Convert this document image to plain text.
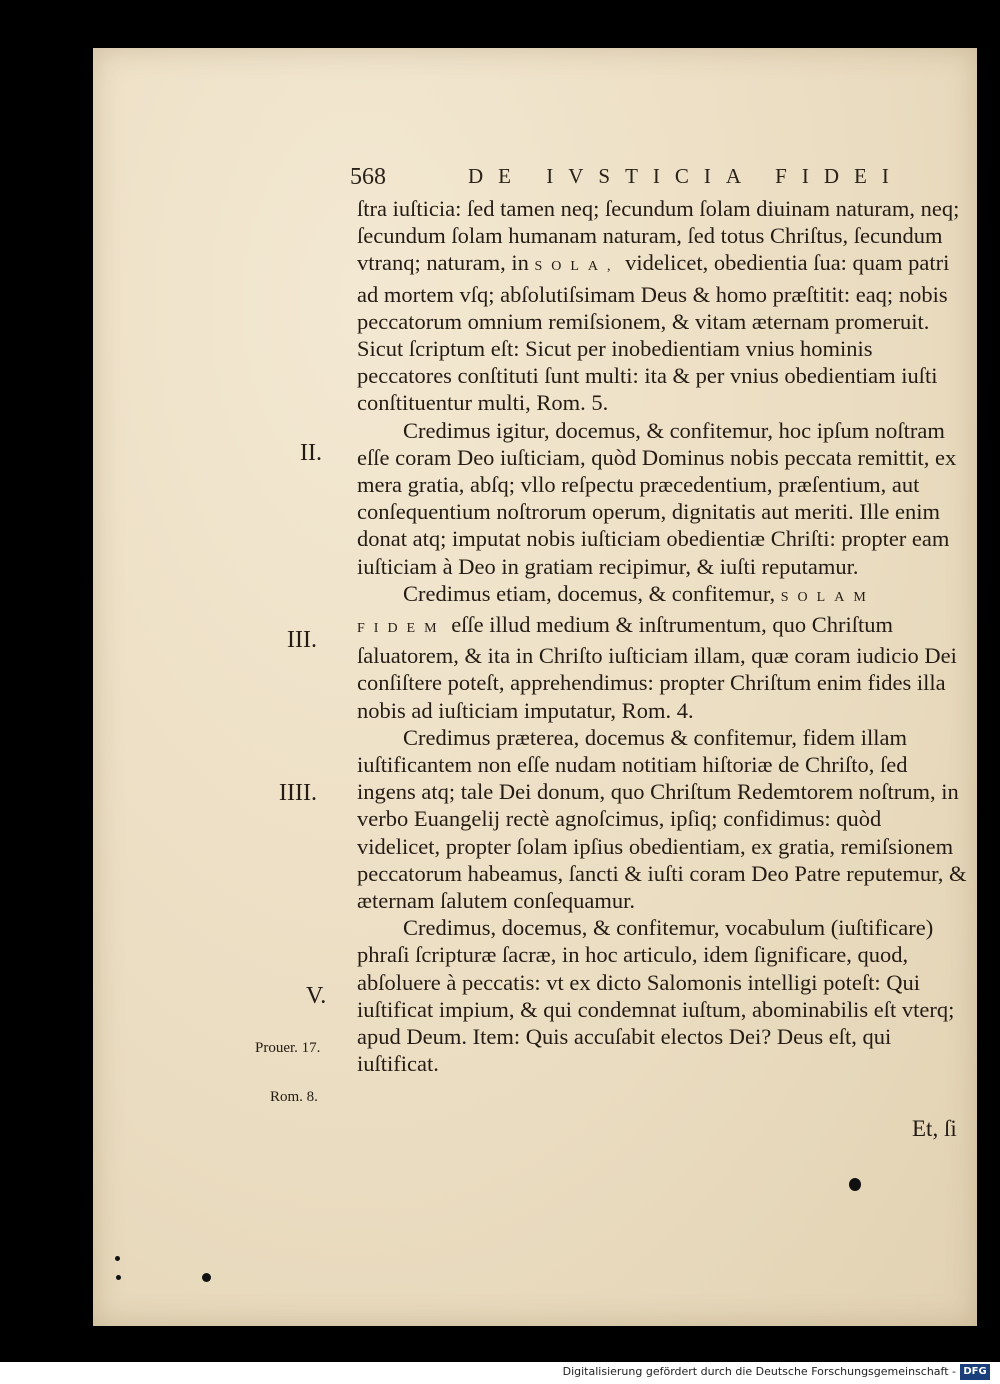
568	DE IVSTICIA FIDEI

ſtra iuſticia: ſed tamen neq; ſecundum ſolam diuinam naturam, neq; ſecundum ſolam humanam naturam, ſed totus Chriſtus, ſecundum vtranq; naturam, in SOLA, videlicet, obedientia ſua: quam patri ad mortem vſq; abſolutiſsimam Deus & homo præſtitit: eaq; nobis peccatorum omnium remiſsionem, & vitam æternam promeruit. Sicut ſcriptum eſt: Sicut per inobedientiam vnius hominis peccatores conſtituti ſunt multi: ita & per vnius obedientiam iuſti conſtituentur multi, Rom. 5.

Credimus igitur, docemus, & confitemur, hoc ipſum noſtram eſſe coram Deo iuſticiam, quòd Dominus nobis peccata remittit, ex mera gratia, abſq; vllo reſpectu præcedentium, præſentium, aut conſequentium noſtrorum operum, dignitatis aut meriti. Ille enim donat atq; imputat nobis iuſticiam obedientiæ Chriſti: propter eam iuſticiam à Deo in gratiam recipimur, & iuſti reputamur.

Credimus etiam, docemus, & confitemur, SOLAM FIDEM eſſe illud medium & inſtrumentum, quo Chriſtum ſaluatorem, & ita in Chriſto iuſticiam illam, quæ coram iudicio Dei conſiſtere poteſt, apprehendimus: propter Chriſtum enim fides illa nobis ad iuſticiam imputatur, Rom. 4.

Credimus præterea, docemus & confitemur, fidem illam iuſtificantem non eſſe nudam notitiam hiſtoriæ de Chriſto, ſed ingens atq; tale Dei donum, quo Chriſtum Redemtorem noſtrum, in verbo Euangelij rectè agnoſcimus, ipſiq; confidimus: quòd videlicet, propter ſolam ipſius obedientiam, ex gratia, remiſsionem peccatorum habeamus, ſancti & iuſti coram Deo Patre reputemur, & æternam ſalutem conſequamur.

Credimus, docemus, & confitemur, vocabulum (iuſtificare) phraſi ſcripturæ ſacræ, in hoc articulo, idem ſignificare, quod, abſoluere à peccatis: vt ex dicto Salomonis intelligi poteſt: Qui iuſtificat impium, & qui condemnat iuſtum, abominabilis eſt vterq; apud Deum. Item: Quis accuſabit electos Dei? Deus eſt, qui iuſtificat.

II.
III.
IIII.
V.
Prouer. 17.
Rom. 8.
Et, ſi
Digitalisierung gefördert durch die Deutsche Forschungsgemeinschaft - DFG
